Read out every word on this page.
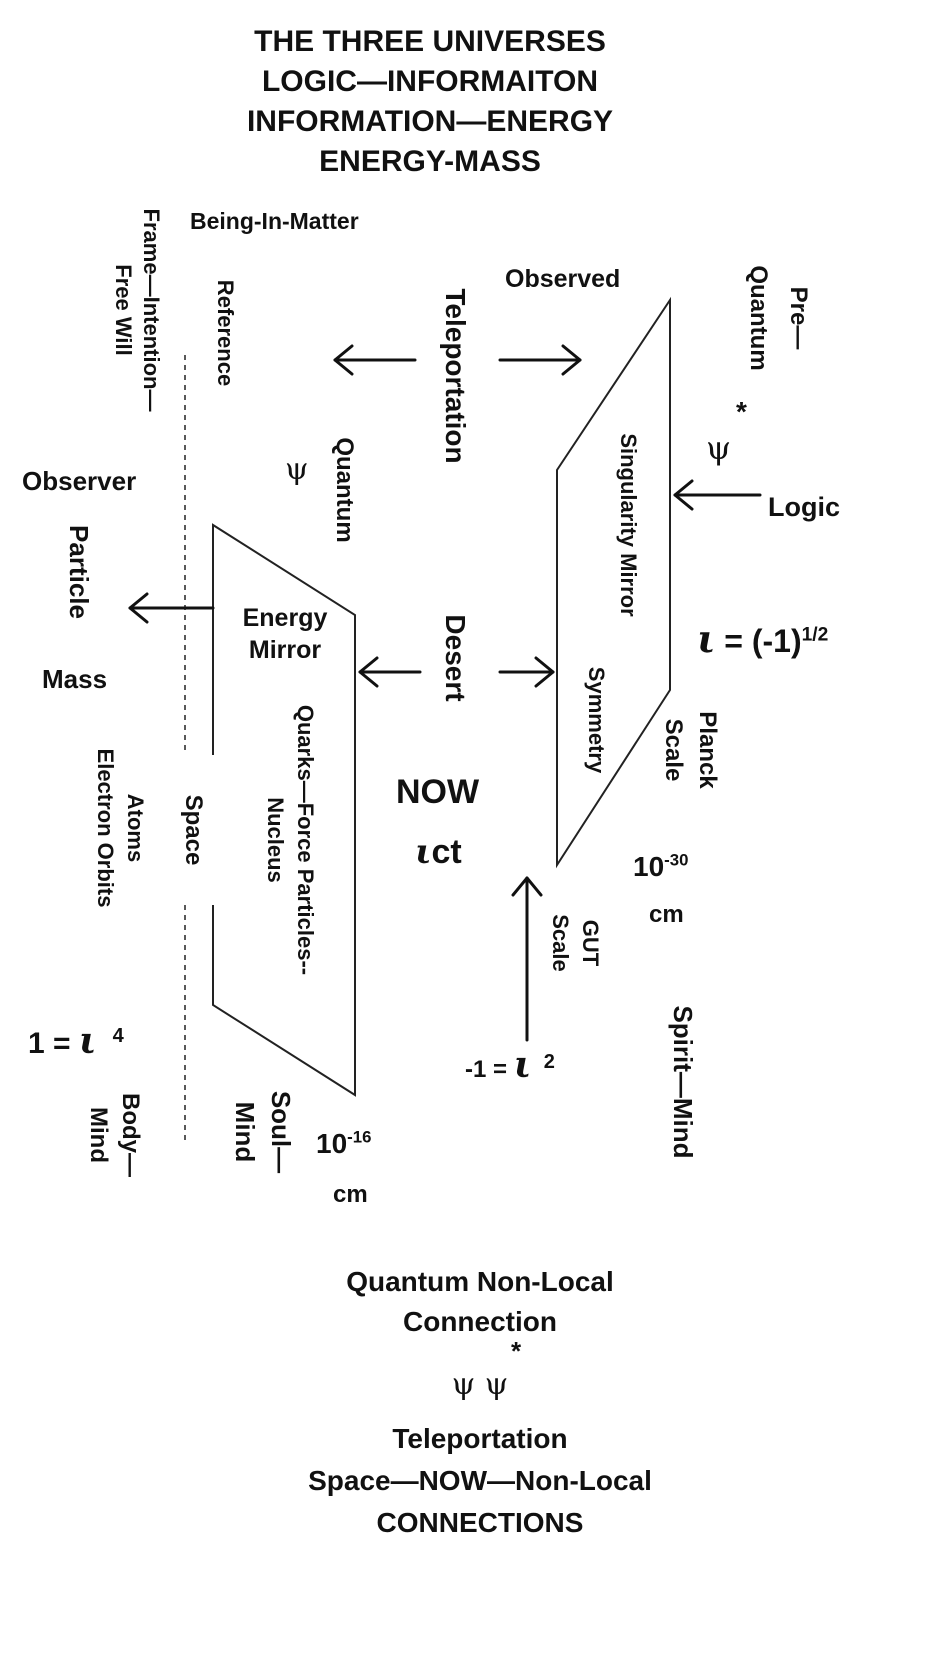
THE THREE UNIVERSES
LOGIC—INFORMAITON
INFORMATION—ENERGY
ENERGY-MASS
Frame—Intention—
Free Will
Being-In-Matter
Reference
Observer
Particle
Mass
Atoms
Electron Orbits	Space
1 = ι $^4$
Body—
Mind
Teleportation
Observed
ψ Quantum
Energy
Mirror	Desert
Quarks—Force Particles--
Nucleus
NOW
ιct
Soul—
Mind $10^{-16}$
cm
Pre—
Quantum
*
ψ
Logic
Singularity Mirror
Symmetry
$\iota = (-1)^{1/2}$
Planck
Scale
$10^{-30}$
cm
GUT
Scale
-1 = ι $^2$	Spirit—Mind
Quantum Non-Local
Connection
*
ψ ψ
Teleportation
Space—NOW—Non-Local
CONNECTIONS
